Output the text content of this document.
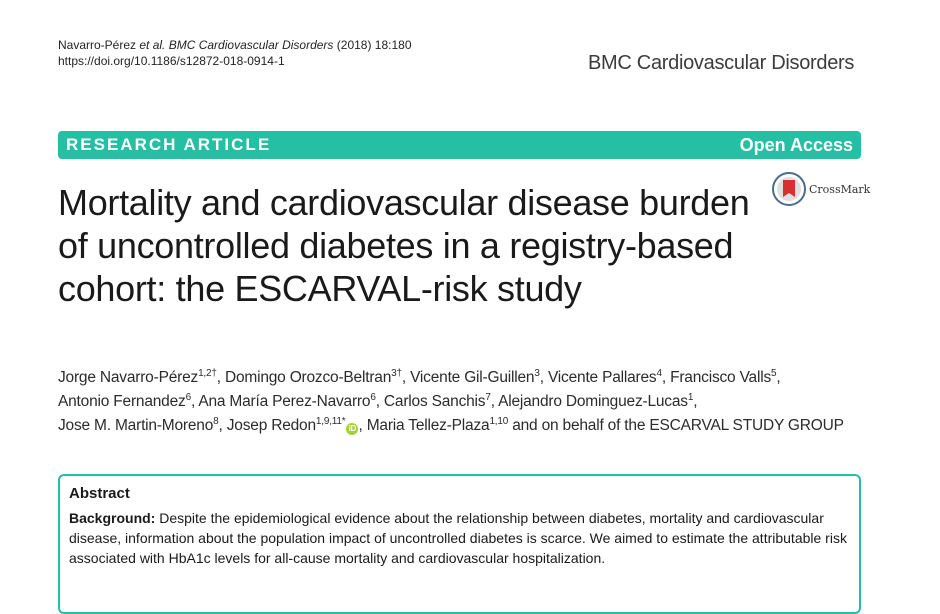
Navarro-Pérez et al. BMC Cardiovascular Disorders (2018) 18:180
https://doi.org/10.1186/s12872-018-0914-1	BMC Cardiovascular Disorders
RESEARCH ARTICLE	Open Access
CrossMark
Mortality and cardiovascular disease burden of uncontrolled diabetes in a registry-based cohort: the ESCARVAL-risk study
Jorge Navarro-Pérez$^{1,2\dagger}$, Domingo Orozco-Beltran$^{3\dagger}$, Vicente Gil-Guillen$^3$, Vicente Pallares$^4$, Francisco Valls$^5$,
Antonio Fernandez$^6$, Ana María Perez-Navarro$^6$, Carlos Sanchis$^7$, Alejandro Dominguez-Lucas$^1$,
Jose M. Martin-Moreno$^8$, Josep Redon$^{1,9,11*}$iD , Maria Tellez-Plaza$^{1,10}$ and on behalf of the ESCARVAL STUDY GROUP
Abstract

Background: Despite the epidemiological evidence about the relationship between diabetes, mortality and cardiovascular disease, information about the population impact of uncontrolled diabetes is scarce. We aimed to estimate the attributable risk associated with HbA1c levels for all-cause mortality and cardiovascular hospitalization.
